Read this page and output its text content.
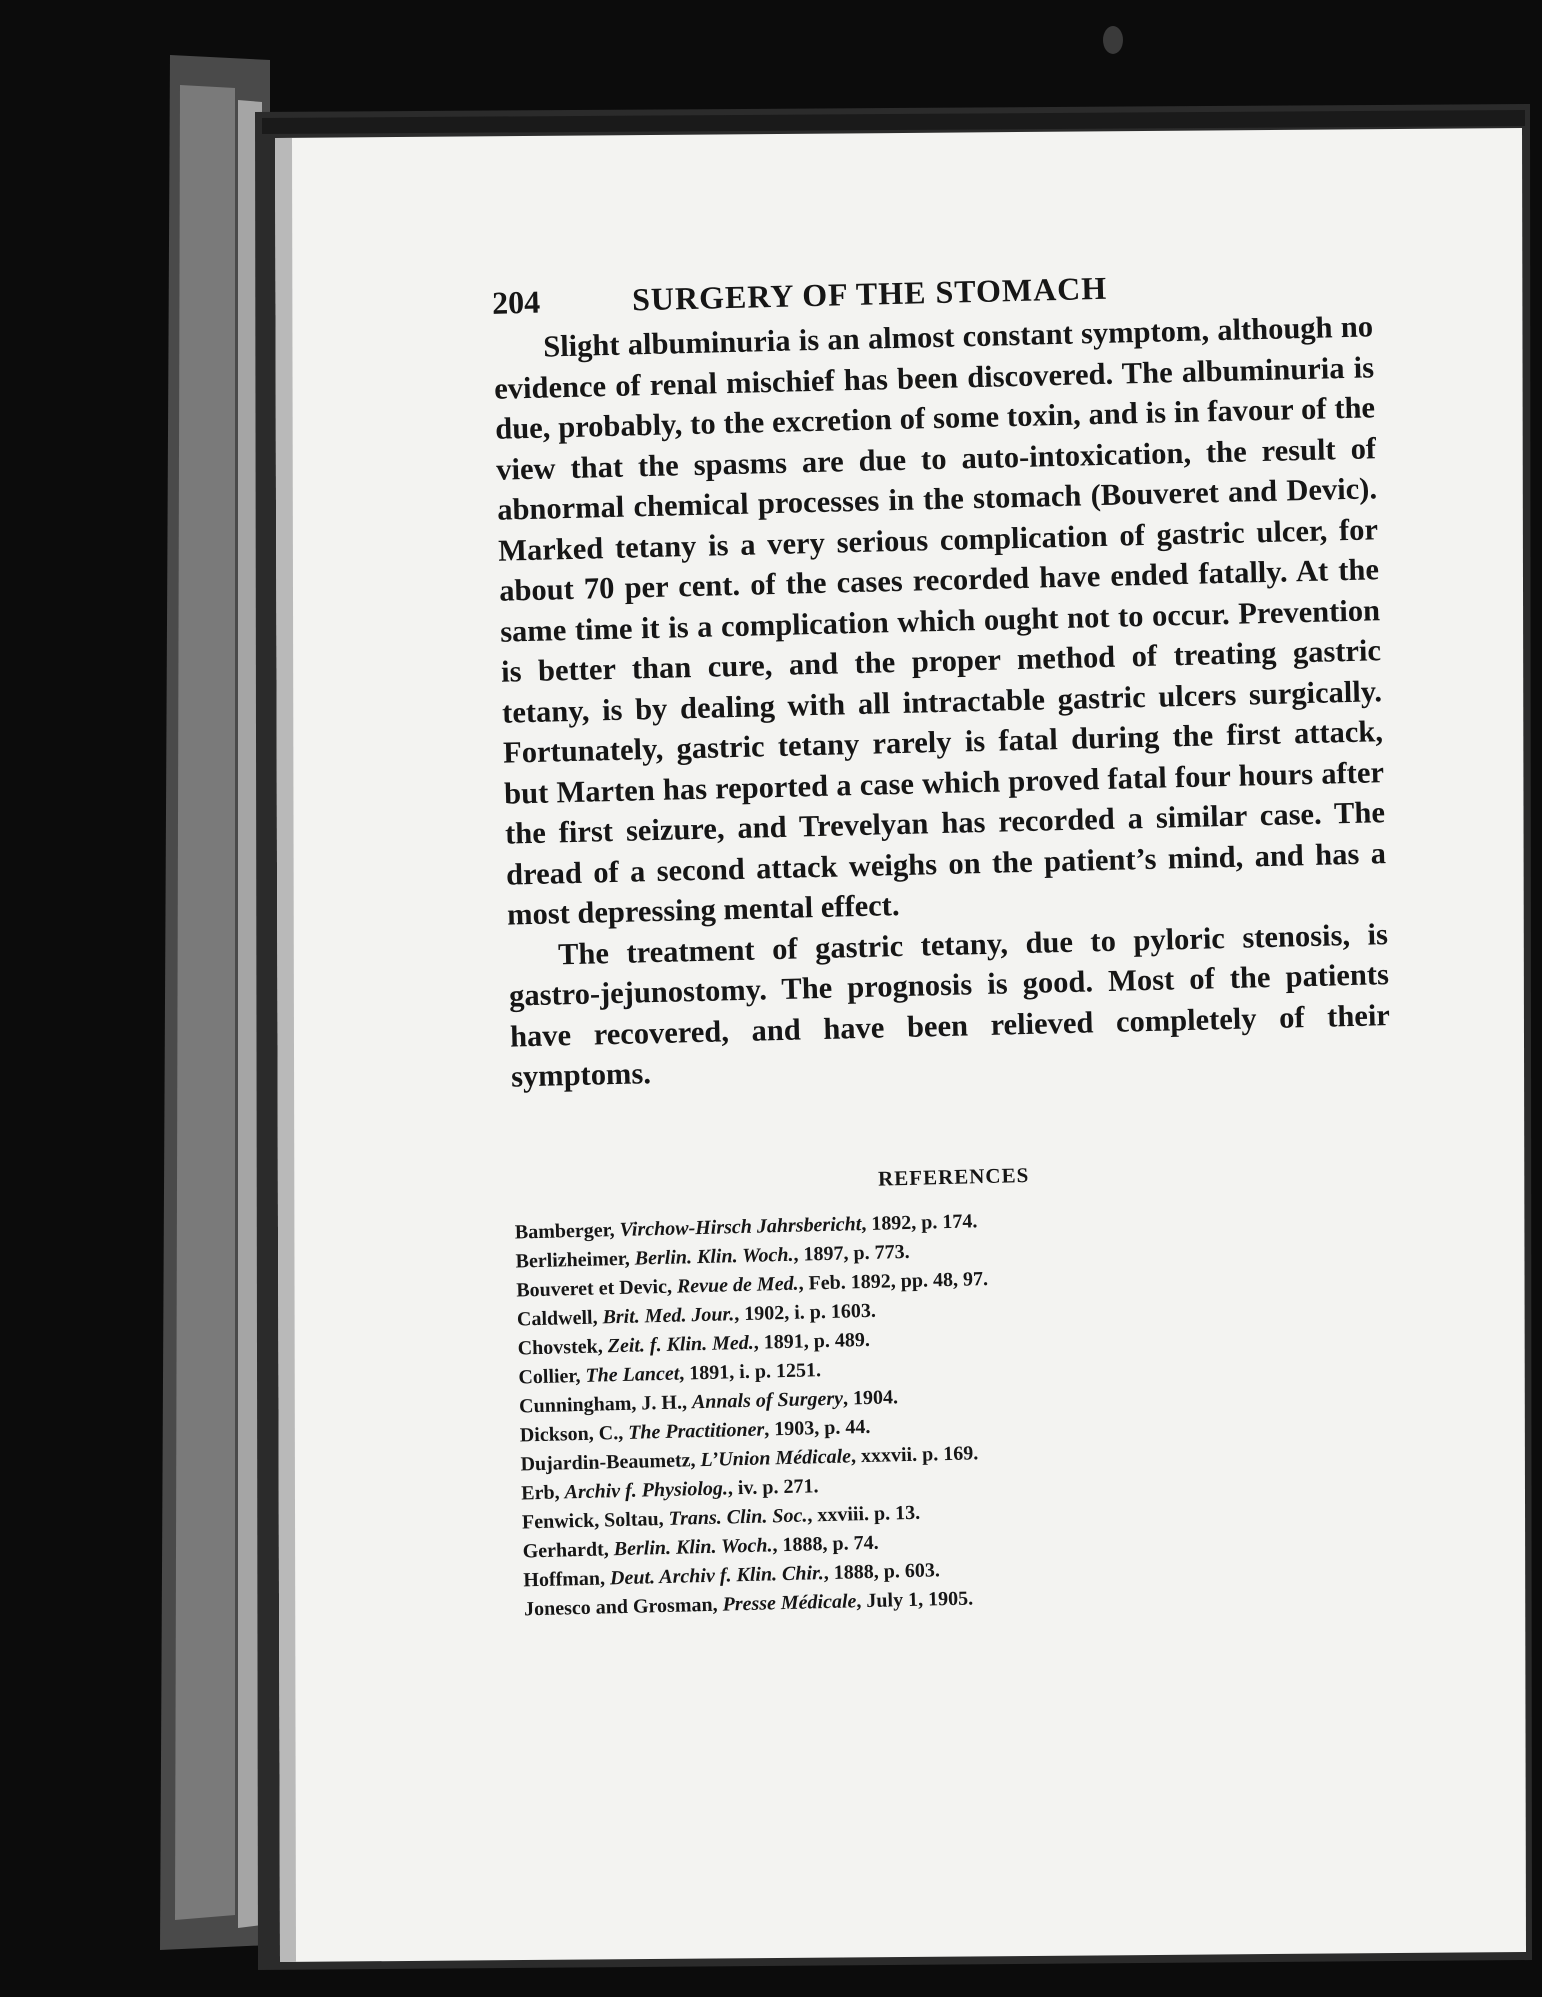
204	SURGERY OF THE STOMACH

Slight albuminuria is an almost constant symptom, although no evidence of renal mischief has been discovered. The albuminuria is due, probably, to the excretion of some toxin, and is in favour of the view that the spasms are due to auto-intoxication, the result of abnormal chemical processes in the stomach (Bouveret and Devic). Marked tetany is a very serious complication of gastric ulcer, for about 70 per cent. of the cases recorded have ended fatally. At the same time it is a complication which ought not to occur. Prevention is better than cure, and the proper method of treating gastric tetany, is by dealing with all intractable gastric ulcers surgically. Fortunately, gastric tetany rarely is fatal during the first attack, but Marten has reported a case which proved fatal four hours after the first seizure, and Trevelyan has recorded a similar case. The dread of a second attack weighs on the patient’s mind, and has a most depressing mental effect.

The treatment of gastric tetany, due to pyloric stenosis, is gastro-jejunostomy. The prognosis is good. Most of the patients have recovered, and have been relieved completely of their symptoms.

REFERENCES
Bamberger, Virchow-Hirsch Jahrsbericht, 1892, p. 174.
Berlizheimer, Berlin. Klin. Woch., 1897, p. 773.
Bouveret et Devic, Revue de Med., Feb. 1892, pp. 48, 97.
Caldwell, Brit. Med. Jour., 1902, i. p. 1603.
Chovstek, Zeit. f. Klin. Med., 1891, p. 489.
Collier, The Lancet, 1891, i. p. 1251.
Cunningham, J. H., Annals of Surgery, 1904.
Dickson, C., The Practitioner, 1903, p. 44.
Dujardin-Beaumetz, L’Union Médicale, xxxvii. p. 169.
Erb, Archiv f. Physiolog., iv. p. 271.
Fenwick, Soltau, Trans. Clin. Soc., xxviii. p. 13.
Gerhardt, Berlin. Klin. Woch., 1888, p. 74.
Hoffman, Deut. Archiv f. Klin. Chir., 1888, p. 603.
Jonesco and Grosman, Presse Médicale, July 1, 1905.
